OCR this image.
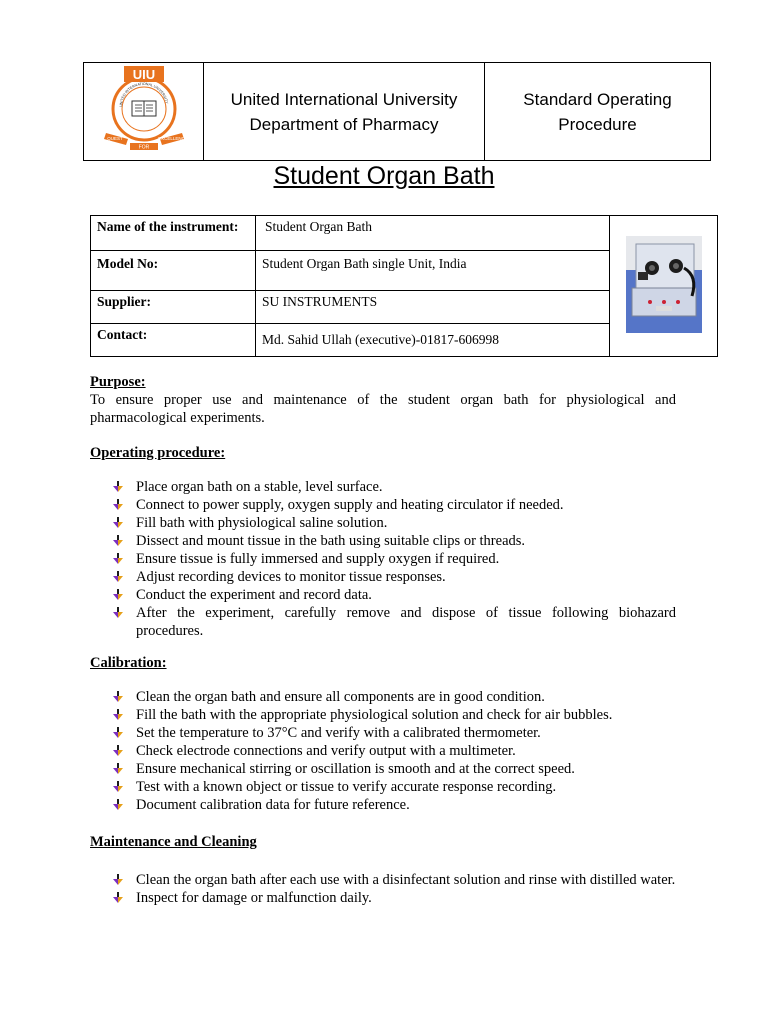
UIU
UNITED INTERNATIONAL UNIVERSITY
QUEST	EXCELLENCE
FOR

United International University
Department of Pharmacy

Standard Operating
Procedure
Student Organ Bath
Name of the instrument:	Student Organ Bath	
Model No:	Student Organ Bath single Unit, India	
Supplier:	SU INSTRUMENTS	
Contact:	Md. Sahid Ullah (executive)-01817-606998	
Purpose:
To ensure proper use and maintenance of the student organ bath for physiological and pharmacological experiments.
Operating procedure:
Place organ bath on a stable, level surface.
Connect to power supply, oxygen supply and heating circulator if needed.
Fill bath with physiological saline solution.
Dissect and mount tissue in the bath using suitable clips or threads.
Ensure tissue is fully immersed and supply oxygen if required.
Adjust recording devices to monitor tissue responses.
Conduct the experiment and record data.
After the experiment, carefully remove and dispose of tissue following biohazard procedures.
Calibration:
Clean the organ bath and ensure all components are in good condition.
Fill the bath with the appropriate physiological solution and check for air bubbles.
Set the temperature to 37°C and verify with a calibrated thermometer.
Check electrode connections and verify output with a multimeter.
Ensure mechanical stirring or oscillation is smooth and at the correct speed.
Test with a known object or tissue to verify accurate response recording.
Document calibration data for future reference.
Maintenance and Cleaning
Clean the organ bath after each use with a disinfectant solution and rinse with distilled water.
Inspect for damage or malfunction daily.
